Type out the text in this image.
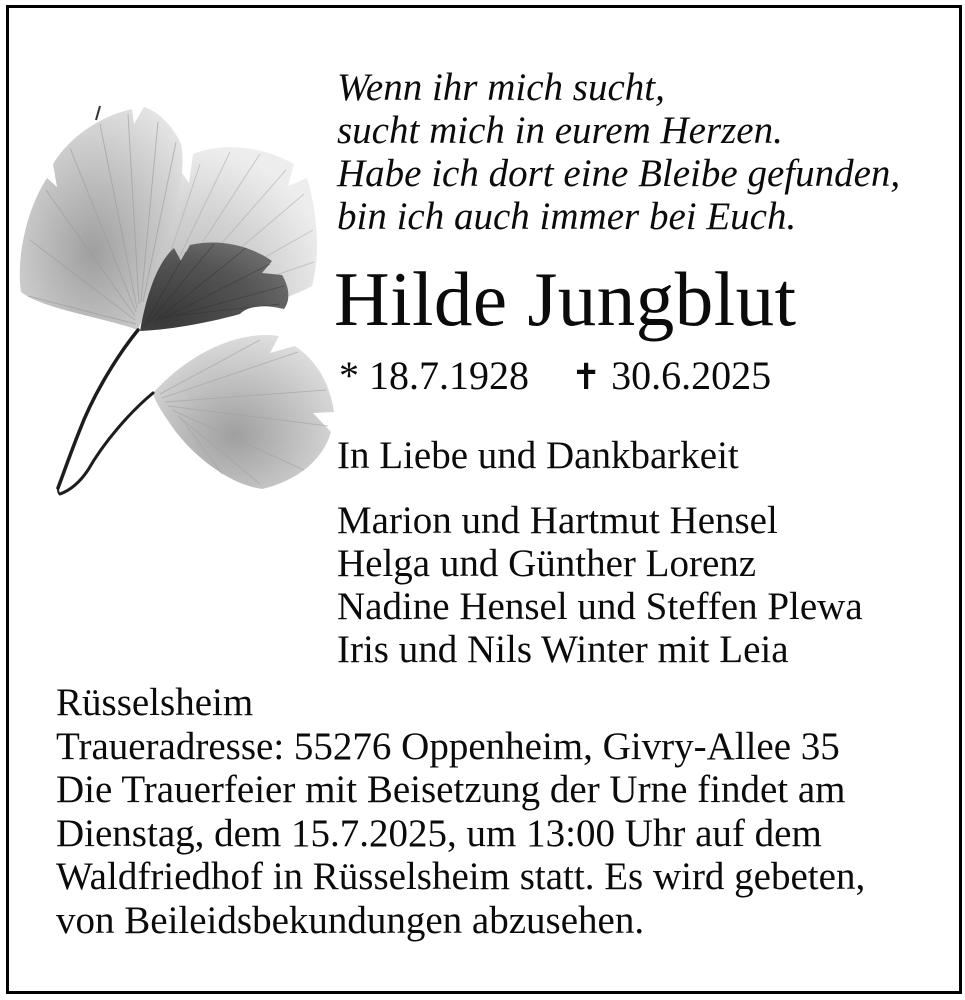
Wenn ihr mich sucht,
sucht mich in eurem Herzen.
Habe ich dort eine Bleibe gefunden,
bin ich auch immer bei Euch.
Hilde Jungblut
* 18.7.1928 ✝ 30.6.2025
In Liebe und Dankbarkeit
Marion und Hartmut Hensel
Helga und Günther Lorenz
Nadine Hensel und Steffen Plewa
Iris und Nils Winter mit Leia
Rüsselsheim
Traueradresse: 55276 Oppenheim, Givry-Allee 35
Die Trauerfeier mit Beisetzung der Urne findet am
Dienstag, dem 15.7.2025, um 13:00 Uhr auf dem
Waldfriedhof in Rüsselsheim statt. Es wird gebeten,
von Beileidsbekundungen abzusehen.
